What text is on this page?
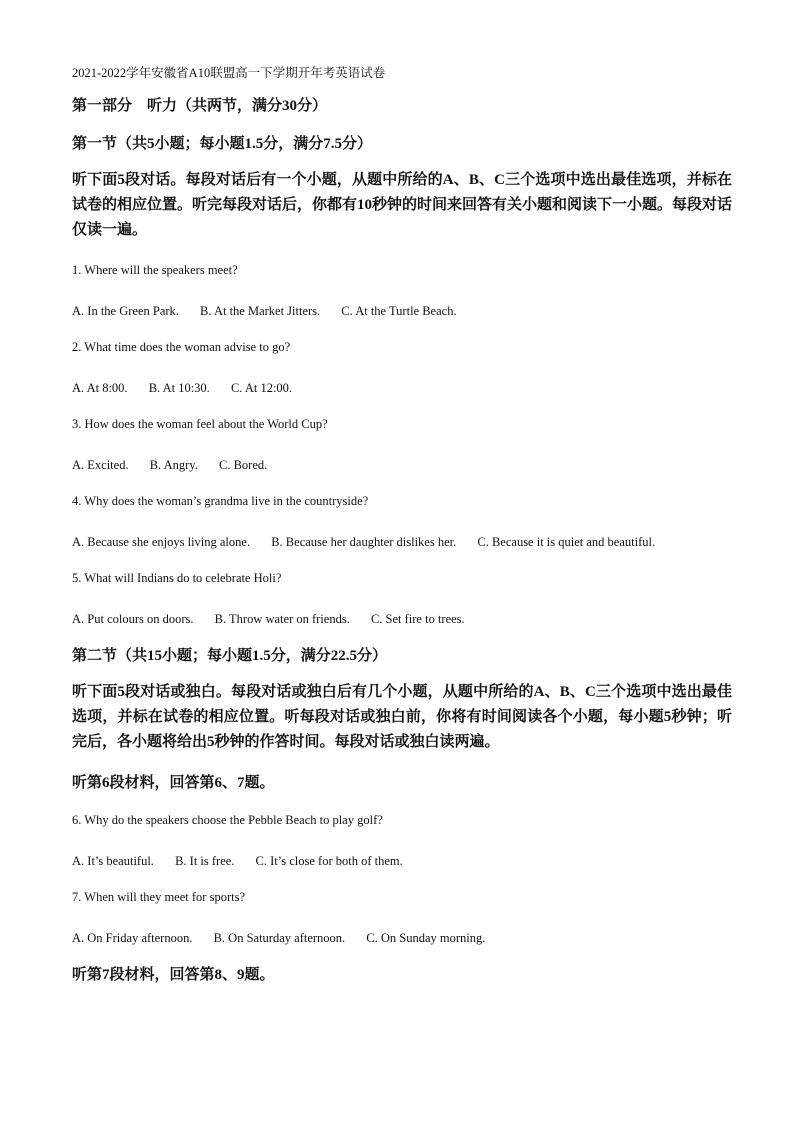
2021-2022学年安徽省A10联盟高一下学期开年考英语试卷
第一部分　听力（共两节，满分30分）
第一节（共5小题；每小题1.5分，满分7.5分）
听下面5段对话。每段对话后有一个小题，从题中所给的A、B、C三个选项中选出最佳选项，并标在试卷的相应位置。听完每段对话后，你都有10秒钟的时间来回答有关小题和阅读下一小题。每段对话仅读一遍。
1. Where will the speakers meet?
A. In the Green Park. B. At the Market Jitters. C. At the Turtle Beach.
2. What time does the woman advise to go?
A. At 8:00. B. At 10:30. C. At 12:00.
3. How does the woman feel about the World Cup?
A. Excited. B. Angry. C. Bored.
4. Why does the woman’s grandma live in the countryside?
A. Because she enjoys living alone. B. Because her daughter dislikes her. C. Because it is quiet and beautiful.
5. What will Indians do to celebrate Holi?
A. Put colours on doors. B. Throw water on friends. C. Set fire to trees.
第二节（共15小题；每小题1.5分，满分22.5分）
听下面5段对话或独白。每段对话或独白后有几个小题，从题中所给的A、B、C三个选项中选出最佳选项，并标在试卷的相应位置。听每段对话或独白前，你将有时间阅读各个小题，每小题5秒钟；听完后，各小题将给出5秒钟的作答时间。每段对话或独白读两遍。
听第6段材料，回答第6、7题。
6. Why do the speakers choose the Pebble Beach to play golf?
A. It’s beautiful. B. It is free. C. It’s close for both of them.
7. When will they meet for sports?
A. On Friday afternoon. B. On Saturday afternoon. C. On Sunday morning.
听第7段材料，回答第8、9题。
